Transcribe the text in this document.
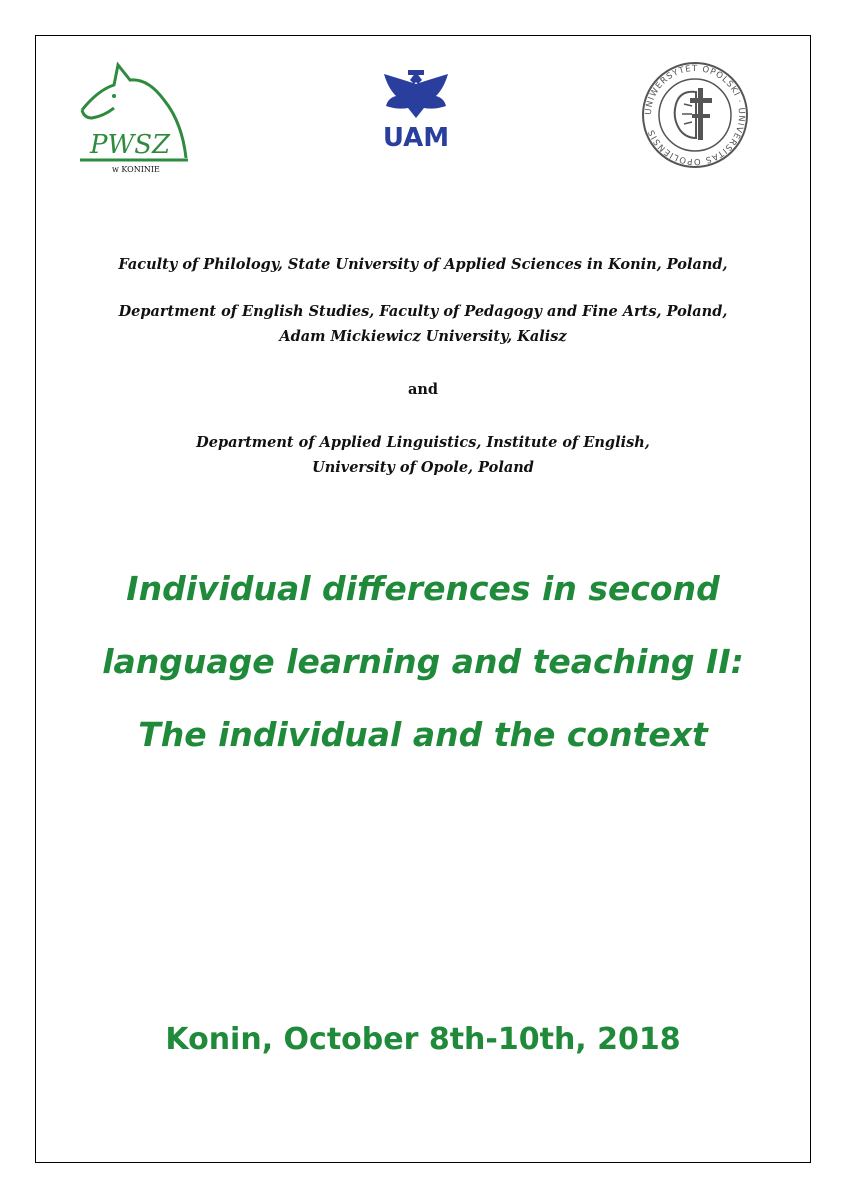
PWSZ
w KONINIE
UAM
UNIWERSYTET OPOLSKI · UNIVERSITAS OPOLIENSIS

Faculty of Philology, State University of Applied Sciences in Konin, Poland,

Department of English Studies, Faculty of Pedagogy and Fine Arts, Poland,

Adam Mickiewicz University, Kalisz

and

Department of Applied Linguistics, Institute of English,

University of Opole, Poland

Individual differences in second

language learning and teaching II:

The individual and the context

Konin, October 8th-10th, 2018
